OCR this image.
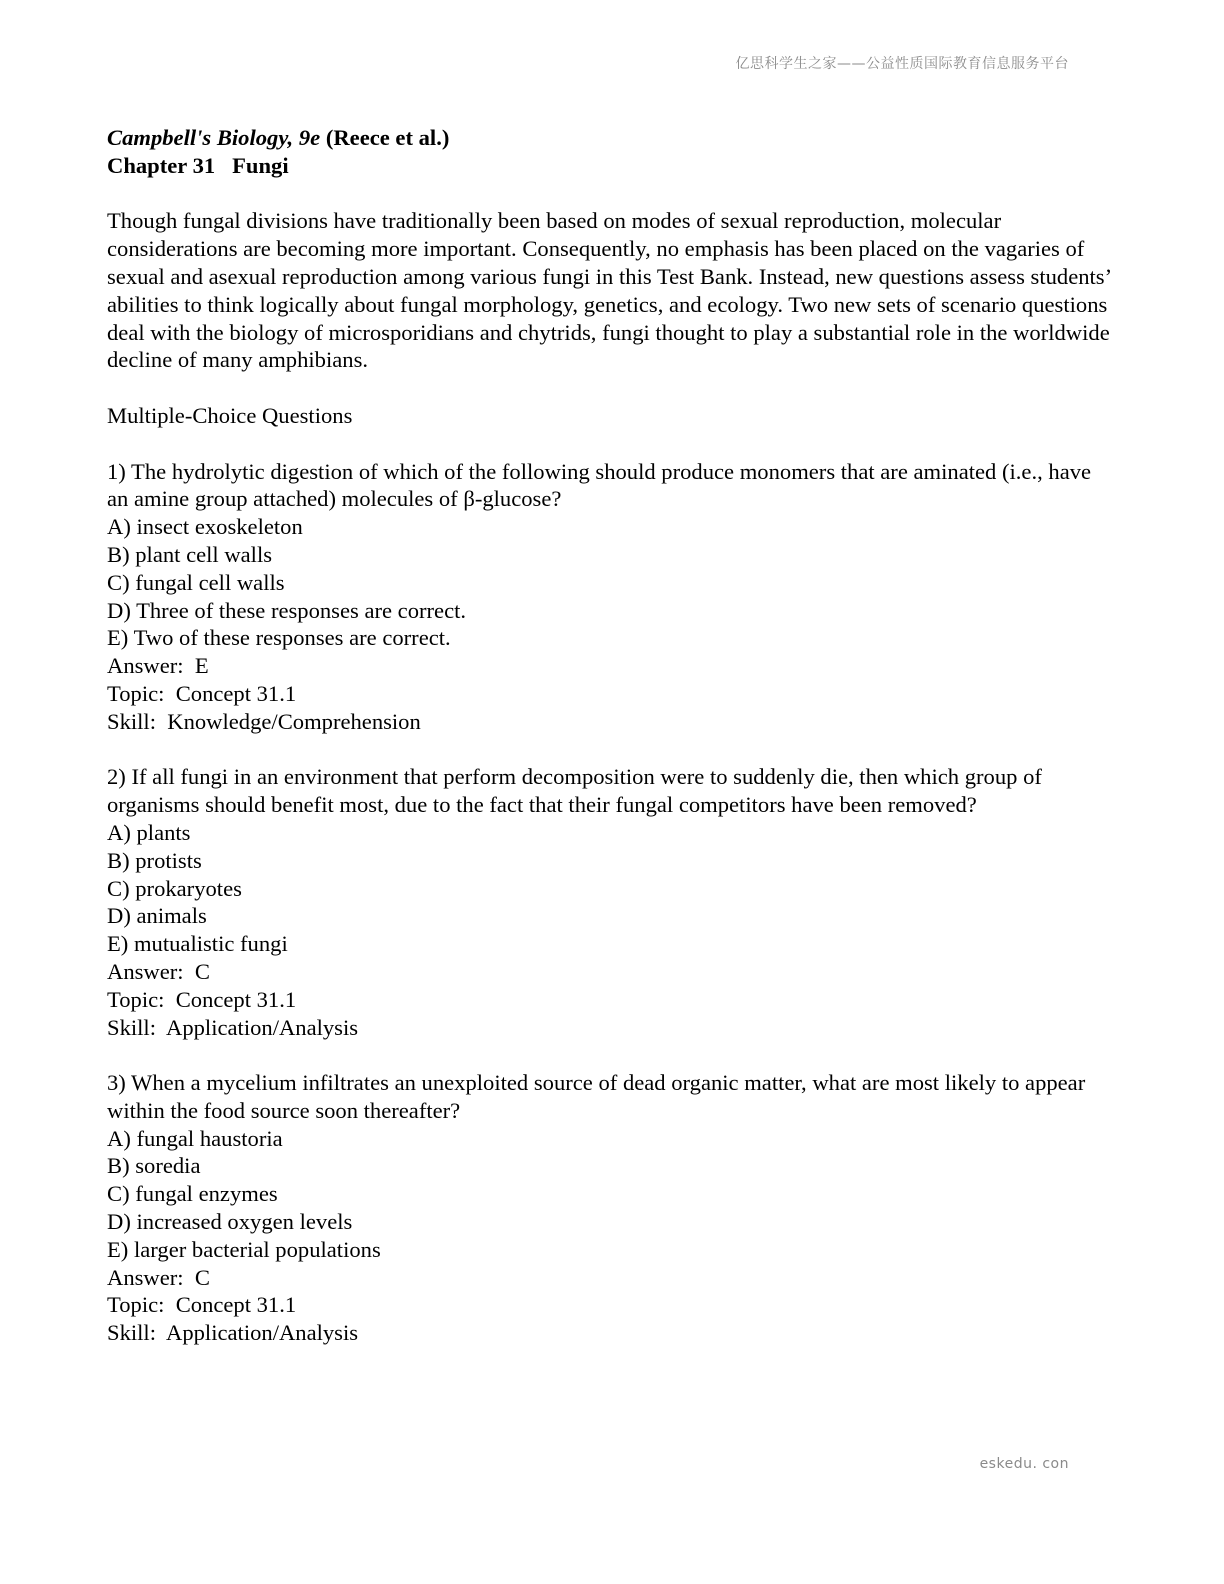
亿思科学生之家——公益性质国际教育信息服务平台
Campbell's Biology, 9e (Reece et al.)
Chapter 31   Fungi

Though fungal divisions have traditionally been based on modes of sexual reproduction, molecular considerations are becoming more important. Consequently, no emphasis has been placed on the vagaries of sexual and asexual reproduction among various fungi in this Test Bank. Instead, new questions assess students’ abilities to think logically about fungal morphology, genetics, and ecology. Two new sets of scenario questions deal with the biology of microsporidians and chytrids, fungi thought to play a substantial role in the worldwide decline of many amphibians.

Multiple-Choice Questions

1) The hydrolytic digestion of which of the following should produce monomers that are aminated (i.e., have an amine group attached) molecules of β-glucose?

A) insect exoskeleton
B) plant cell walls
C) fungal cell walls
D) Three of these responses are correct.
E) Two of these responses are correct.
Answer:  E
Topic:  Concept 31.1
Skill:  Knowledge/Comprehension

2) If all fungi in an environment that perform decomposition were to suddenly die, then which group of organisms should benefit most, due to the fact that their fungal competitors have been removed?

A) plants
B) protists
C) prokaryotes
D) animals
E) mutualistic fungi
Answer:  C
Topic:  Concept 31.1
Skill:  Application/Analysis

3) When a mycelium infiltrates an unexploited source of dead organic matter, what are most likely to appear within the food source soon thereafter?

A) fungal haustoria
B) soredia
C) fungal enzymes
D) increased oxygen levels
E) larger bacterial populations
Answer:  C
Topic:  Concept 31.1
Skill:  Application/Analysis
eskedu. con
